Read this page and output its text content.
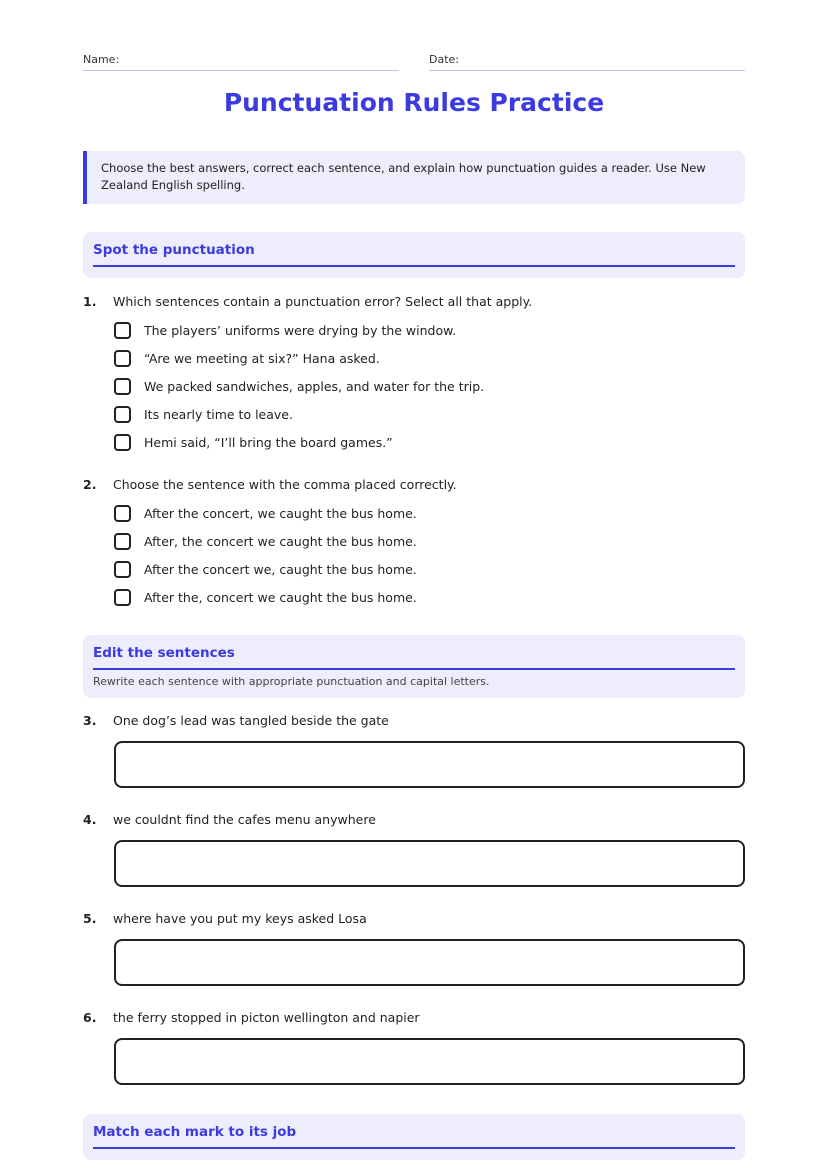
Name:	Date:
Punctuation Rules Practice
Choose the best answers, correct each sentence, and explain how punctuation guides a reader. Use New Zealand English spelling.
Spot the punctuation
1. Which sentences contain a punctuation error? Select all that apply.
The players’ uniforms were drying by the window.
“Are we meeting at six?” Hana asked.
We packed sandwiches, apples, and water for the trip.
Its nearly time to leave.
Hemi said, “I’ll bring the board games.”
2. Choose the sentence with the comma placed correctly.
After the concert, we caught the bus home.
After, the concert we caught the bus home.
After the concert we, caught the bus home.
After the, concert we caught the bus home.
Edit the sentences
Rewrite each sentence with appropriate punctuation and capital letters.
3. One dog’s lead was tangled beside the gate
4. we couldnt find the cafes menu anywhere
5. where have you put my keys asked Losa
6. the ferry stopped in picton wellington and napier
Match each mark to its job
